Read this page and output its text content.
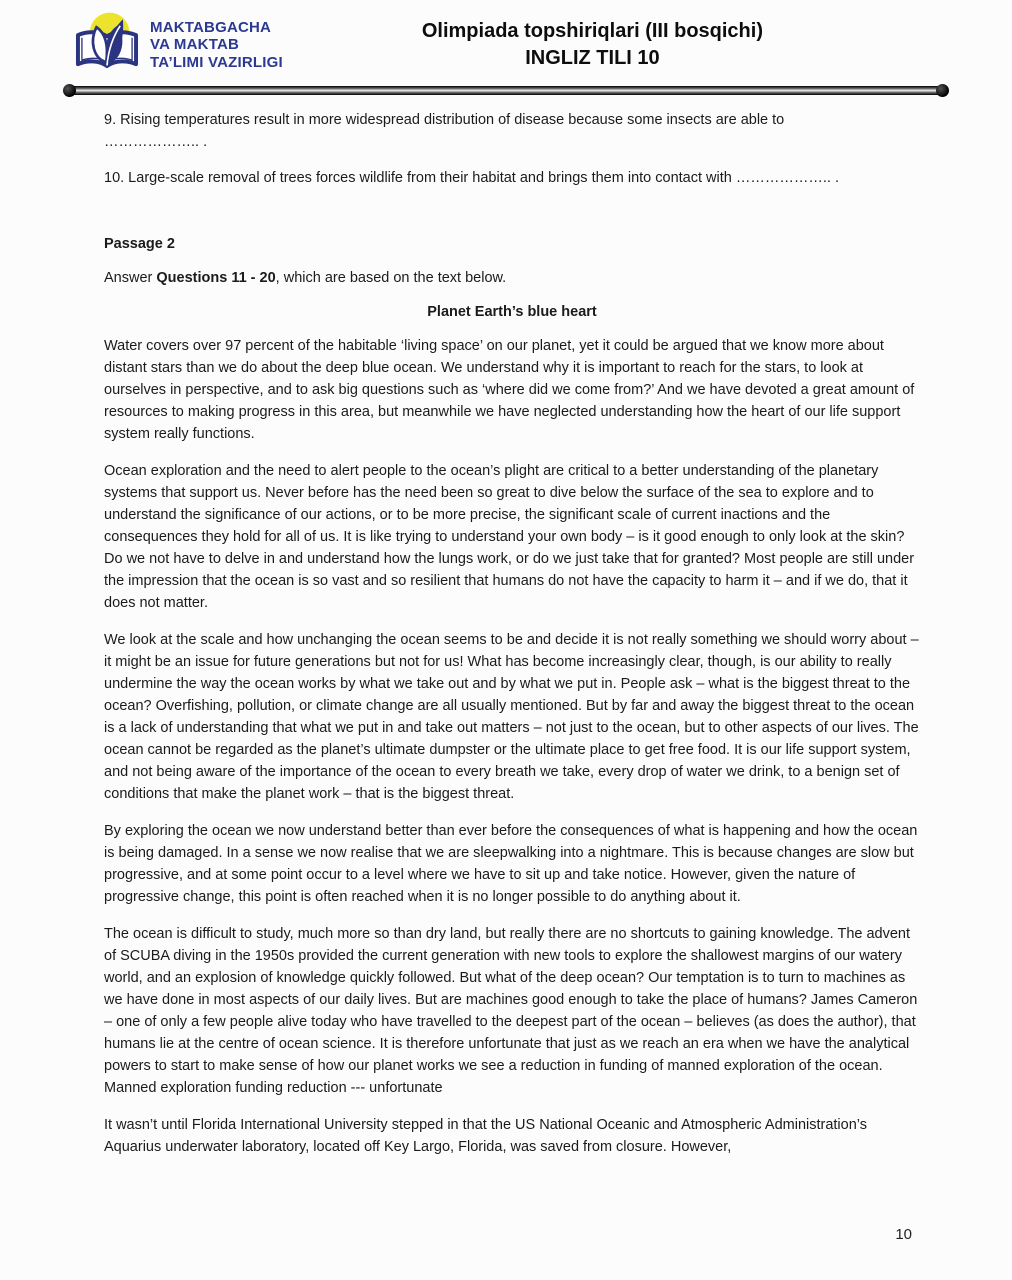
MAKTABGACHA
VA MAKTAB
TA’LIMI VAZIRLIGI
Olimpiada topshiriqlari (III bosqichi)
INGLIZ TILI 10

9. Rising temperatures result in more widespread distribution of disease because some insects are able to
……………….. .

10. Large-scale removal of trees forces wildlife from their habitat and brings them into contact with ……………….. .

Passage 2

Answer Questions 11 - 20, which are based on the text below.

Planet Earth’s blue heart

Water covers over 97 percent of the habitable ‘living space’ on our planet, yet it could be argued that we know more about distant stars than we do about the deep blue ocean. We understand why it is important to reach for the stars, to look at ourselves in perspective, and to ask big questions such as ‘where did we come from?’ And we have devoted a great amount of resources to making progress in this area, but meanwhile we have neglected understanding how the heart of our life support system really functions.

Ocean exploration and the need to alert people to the ocean’s plight are critical to a better understanding of the planetary systems that support us. Never before has the need been so great to dive below the surface of the sea to explore and to understand the significance of our actions, or to be more precise, the significant scale of current inactions and the consequences they hold for all of us. It is like trying to understand your own body – is it good enough to only look at the skin? Do we not have to delve in and understand how the lungs work, or do we just take that for granted? Most people are still under the impression that the ocean is so vast and so resilient that humans do not have the capacity to harm it – and if we do, that it does not matter.

We look at the scale and how unchanging the ocean seems to be and decide it is not really something we should worry about – it might be an issue for future generations but not for us! What has become increasingly clear, though, is our ability to really undermine the way the ocean works by what we take out and by what we put in. People ask – what is the biggest threat to the ocean? Overfishing, pollution, or climate change are all usually mentioned. But by far and away the biggest threat to the ocean is a lack of understanding that what we put in and take out matters – not just to the ocean, but to other aspects of our lives. The ocean cannot be regarded as the planet’s ultimate dumpster or the ultimate place to get free food. It is our life support system, and not being aware of the importance of the ocean to every breath we take, every drop of water we drink, to a benign set of conditions that make the planet work – that is the biggest threat.

By exploring the ocean we now understand better than ever before the consequences of what is happening and how the ocean is being damaged. In a sense we now realise that we are sleepwalking into a nightmare. This is because changes are slow but progressive, and at some point occur to a level where we have to sit up and take notice. However, given the nature of progressive change, this point is often reached when it is no longer possible to do anything about it.

The ocean is difficult to study, much more so than dry land, but really there are no shortcuts to gaining knowledge. The advent of SCUBA diving in the 1950s provided the current generation with new tools to explore the shallowest margins of our watery world, and an explosion of knowledge quickly followed. But what of the deep ocean? Our temptation is to turn to machines as we have done in most aspects of our daily lives. But are machines good enough to take the place of humans? James Cameron – one of only a few people alive today who have travelled to the deepest part of the ocean – believes (as does the author), that humans lie at the centre of ocean science. It is therefore unfortunate that just as we reach an era when we have the analytical powers to start to make sense of how our planet works we see a reduction in funding of manned exploration of the ocean. Manned exploration funding reduction --- unfortunate

It wasn’t until Florida International University stepped in that the US National Oceanic and Atmospheric Administration’s Aquarius underwater laboratory, located off Key Largo, Florida, was saved from closure. However,

10
